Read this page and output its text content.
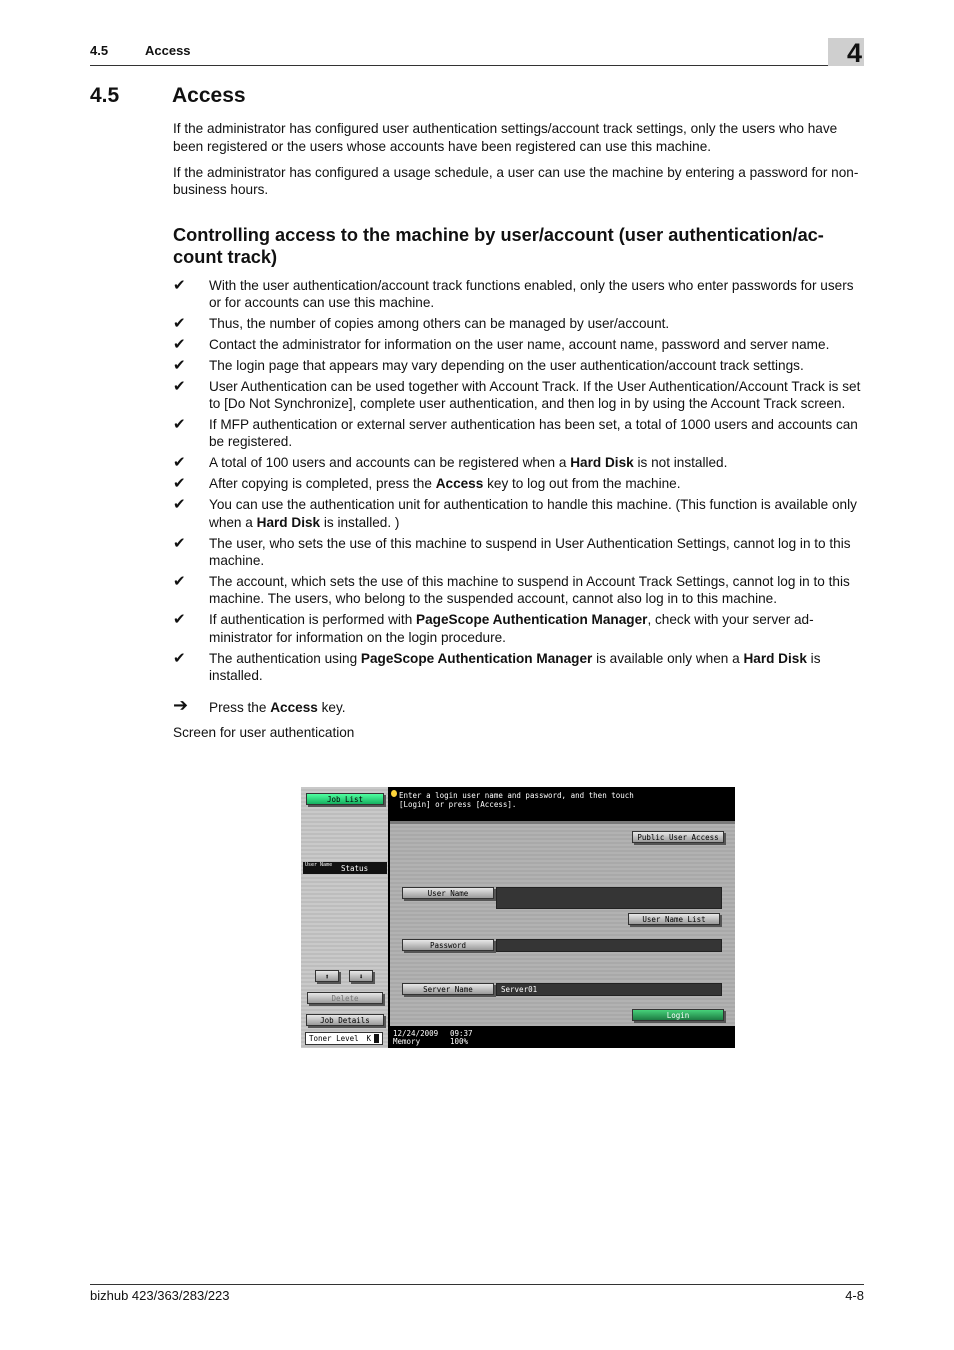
4.5	Access	4
4.5	Access

If the administrator has configured user authentication settings/account track settings, only the users who have been registered or the users whose accounts have been registered can use this machine.

If the administrator has configured a usage schedule, a user can use the machine by entering a password for non-business hours.

Controlling access to the machine by user/account (user authentication/ac-count track)
✔ With the user authentication/account track functions enabled, only the users who enter passwords for users or for accounts can use this machine.
✔ Thus, the number of copies among others can be managed by user/account.
✔ Contact the administrator for information on the user name, account name, password and server name.
✔ The login page that appears may vary depending on the user authentication/account track settings.
✔ User Authentication can be used together with Account Track. If the User Authentication/Account Track is set to [Do Not Synchronize], complete user authentication, and then log in by using the Account Track screen.
✔ If MFP authentication or external server authentication has been set, a total of 1000 users and accounts can be registered.
✔ A total of 100 users and accounts can be registered when a Hard Disk is not installed.
✔ After copying is completed, press the Access key to log out from the machine.
✔ You can use the authentication unit for authentication to handle this machine. (This function is available only when a Hard Disk is installed. )
✔ The user, who sets the use of this machine to suspend in User Authentication Settings, cannot log in to this machine.
✔ The account, which sets the use of this machine to suspend in Account Track Settings, cannot log in to this machine. The users, who belong to the suspended account, cannot also log in to this machine.
✔ If authentication is performed with PageScope Authentication Manager, check with your server ad-ministrator for information on the login procedure.
✔ The authentication using PageScope Authentication Manager is available only when a Hard Disk is installed.
➔ Press the Access key.
Screen for user authentication
Job List
User Name Status
⬆	⬇
Delete
Job Details
Toner Level K
Enter a login user name and password, and then touch
[Login] or press [Access].
Public User Access
User Name
User Name List
Password
Server Name	Server01
Login
12/24/2009 09:37
Memory	100%
bizhub 423/363/283/223	4-8
